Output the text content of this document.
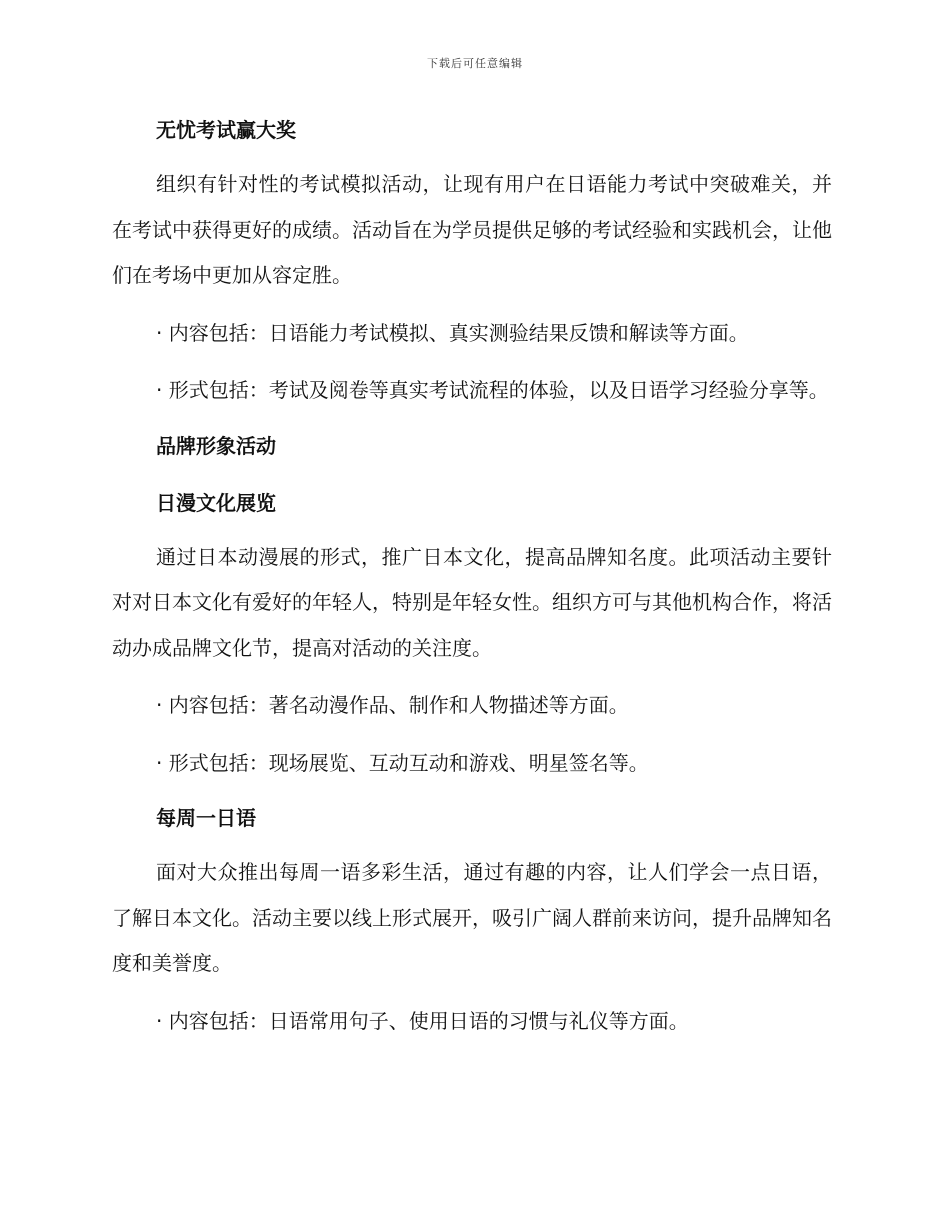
下载后可任意编辑
无忧考试赢大奖

组织有针对性的考试模拟活动，让现有用户在日语能力考试中突破难关，并在考试中获得更好的成绩。活动旨在为学员提供足够的考试经验和实践机会，让他们在考场中更加从容定胜。

· 内容包括：日语能力考试模拟、真实测验结果反馈和解读等方面。

· 形式包括：考试及阅卷等真实考试流程的体验，以及日语学习经验分享等。

品牌形象活动
日漫文化展览

通过日本动漫展的形式，推广日本文化，提高品牌知名度。此项活动主要针对对日本文化有爱好的年轻人，特别是年轻女性。组织方可与其他机构合作，将活动办成品牌文化节，提高对活动的关注度。

· 内容包括：著名动漫作品、制作和人物描述等方面。

· 形式包括：现场展览、互动互动和游戏、明星签名等。

每周一日语

面对大众推出每周一语多彩生活，通过有趣的内容，让人们学会一点日语，了解日本文化。活动主要以线上形式展开，吸引广阔人群前来访问，提升品牌知名度和美誉度。

· 内容包括：日语常用句子、使用日语的习惯与礼仪等方面。
